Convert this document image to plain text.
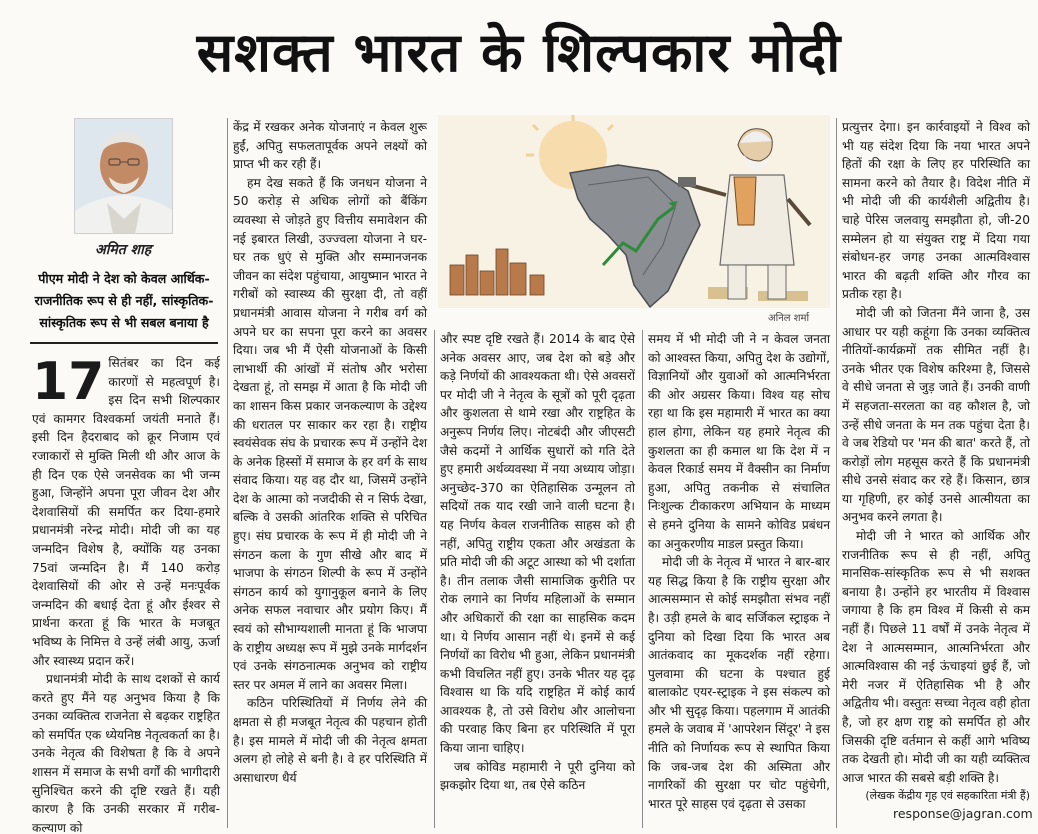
सशक्त भारत के शिल्पकार मोदी
अमित शाह
पीएम मोदी ने देश को केवल आर्थिक-राजनीतिक रूप से ही नहीं, सांस्कृतिक-सांस्कृतिक रूप से भी सबल बनाया है

17 सितंबर का दिन कई कारणों से महत्वपूर्ण है। इस दिन सभी शिल्पकार एवं कामगर विश्वकर्मा जयंती मनाते हैं। इसी दिन हैदराबाद को क्रूर निजाम एवं रजाकारों से मुक्ति मिली थी और आज के ही दिन एक ऐसे जनसेवक का भी जन्म हुआ, जिन्होंने अपना पूरा जीवन देश और देशवासियों की समर्पित कर दिया-हमारे प्रधानमंत्री नरेन्द्र मोदी। मोदी जी का यह जन्मदिन विशेष है, क्योंकि यह उनका 75वां जन्मदिन है। मैं 140 करोड़ देशवासियों की ओर से उन्हें मनःपूर्वक जन्मदिन की बधाई देता हूं और ईश्वर से प्रार्थना करता हूं कि भारत के मजबूत भविष्य के निमित्त वे उन्हें लंबी आयु, ऊर्जा और स्वास्थ्य प्रदान करें।

प्रधानमंत्री मोदी के साथ दशकों से कार्य करते हुए मैंने यह अनुभव किया है कि उनका व्यक्तित्व राजनेता से बढ़कर राष्ट्रहित को समर्पित एक ध्येयनिष्ठ नेतृत्वकर्ता का है। उनके नेतृत्व की विशेषता है कि वे अपने शासन में समाज के सभी वर्गों की भागीदारी सुनिश्चित करने की दृष्टि रखते हैं। यही कारण है कि उनकी सरकार में गरीब-कल्याण को

केंद्र में रखकर अनेक योजनाएं न केवल शुरू हुईं, अपितु सफलतापूर्वक अपने लक्ष्यों को प्राप्त भी कर रही हैं।

हम देख सकते हैं कि जनधन योजना ने 50 करोड़ से अधिक लोगों को बैंकिंग व्यवस्था से जोड़ते हुए वित्तीय समावेशन की नई इबारत लिखी, उज्ज्वला योजना ने घर-घर तक धुएं से मुक्ति और सम्मानजनक जीवन का संदेश पहुंचाया, आयुष्मान भारत ने गरीबों को स्वास्थ्य की सुरक्षा दी, तो वहीं प्रधानमंत्री आवास योजना ने गरीब वर्ग को अपने घर का सपना पूरा करने का अवसर दिया। जब भी मैं ऐसी योजनाओं के किसी लाभार्थी की आंखों में संतोष और भरोसा देखता हूं, तो समझ में आता है कि मोदी जी का शासन किस प्रकार जनकल्याण के उद्देश्य की धरातल पर साकार कर रहा है। राष्ट्रीय स्वयंसेवक संघ के प्रचारक रूप में उन्होंने देश के अनेक हिस्सों में समाज के हर वर्ग के साथ संवाद किया। यह वह दौर था, जिसमें उन्होंने देश के आत्मा को नजदीकी से न सिर्फ देखा, बल्कि वे उसकी आंतरिक शक्ति से परिचित हुए। संघ प्रचारक के रूप में ही मोदी जी ने संगठन कला के गुण सीखे और बाद में भाजपा के संगठन शिल्पी के रूप में उन्होंने संगठन कार्य को युगानुकूल बनाने के लिए अनेक सफल नवाचार और प्रयोग किए। मैं स्वयं को सौभाग्यशाली मानता हूं कि भाजपा के राष्ट्रीय अध्यक्ष रूप में मुझे उनके मार्गदर्शन एवं उनके संगठनात्मक अनुभव को राष्ट्रीय स्तर पर अमल में लाने का अवसर मिला।

कठिन परिस्थितियों में निर्णय लेने की क्षमता से ही मजबूत नेतृत्व की पहचान होती है। इस मामले में मोदी जी की नेतृत्व क्षमता अलग हो लोहे से बनी है। वे हर परिस्थिति में असाधारण धैर्य

अनिल शर्मा

और स्पष्ट दृष्टि रखते हैं। 2014 के बाद ऐसे अनेक अवसर आए, जब देश को बड़े और कड़े निर्णयों की आवश्यकता थी। ऐसे अवसरों पर मोदी जी ने नेतृत्व के सूत्रों को पूरी दृढ़ता और कुशलता से थामे रखा और राष्ट्रहित के अनुरूप निर्णय लिए। नोटबंदी और जीएसटी जैसे कदमों ने आर्थिक सुधारों को गति देते हुए हमारी अर्थव्यवस्था में नया अध्याय जोड़ा। अनुच्छेद-370 का ऐतिहासिक उन्मूलन तो सदियों तक याद रखी जाने वाली घटना है। यह निर्णय केवल राजनीतिक साहस को ही नहीं, अपितु राष्ट्रीय एकता और अखंडता के प्रति मोदी जी की अटूट आस्था को भी दर्शाता है। तीन तलाक जैसी सामाजिक कुरीति पर रोक लगाने का निर्णय महिलाओं के सम्मान और अधिकारों की रक्षा का साहसिक कदम था। ये निर्णय आसान नहीं थे। इनमें से कई निर्णयों का विरोध भी हुआ, लेकिन प्रधानमंत्री कभी विचलित नहीं हुए। उनके भीतर यह दृढ़ विश्वास था कि यदि राष्ट्रहित में कोई कार्य आवश्यक है, तो उसे विरोध और आलोचना की परवाह किए बिना हर परिस्थिति में पूरा किया जाना चाहिए।

जब कोविड महामारी ने पूरी दुनिया को झकझोर दिया था, तब ऐसे कठिन

समय में भी मोदी जी ने न केवल जनता को आश्वस्त किया, अपितु देश के उद्योगों, विज्ञानियों और युवाओं को आत्मनिर्भरता की ओर अग्रसर किया। विश्व यह सोच रहा था कि इस महामारी में भारत का क्या हाल होगा, लेकिन यह हमारे नेतृत्व की कुशलता का ही कमाल था कि देश में न केवल रिकार्ड समय में वैक्सीन का निर्माण हुआ, अपितु तकनीक से संचालित निःशुल्क टीकाकरण अभियान के माध्यम से हमने दुनिया के सामने कोविड प्रबंधन का अनुकरणीय माडल प्रस्तुत किया।

मोदी जी के नेतृत्व में भारत ने बार-बार यह सिद्ध किया है कि राष्ट्रीय सुरक्षा और आत्मसम्मान से कोई समझौता संभव नहीं है। उड़ी हमले के बाद सर्जिकल स्ट्राइक ने दुनिया को दिखा दिया कि भारत अब आतंकवाद का मूकदर्शक नहीं रहेगा। पुलवामा की घटना के पश्चात हुई बालाकोट एयर-स्ट्राइक ने इस संकल्प को और भी सुदृढ़ किया। पहलगाम में आतंकी हमले के जवाब में 'आपरेशन सिंदूर' ने इस नीति को निर्णायक रूप से स्थापित किया कि जब-जब देश की अस्मिता और नागरिकों की सुरक्षा पर चोट पहुंचेगी, भारत पूरे साहस एवं दृढ़ता से उसका

प्रत्युत्तर देगा। इन कार्रवाइयों ने विश्व को भी यह संदेश दिया कि नया भारत अपने हितों की रक्षा के लिए हर परिस्थिति का सामना करने को तैयार है। विदेश नीति में भी मोदी जी की कार्यशैली अद्वितीय है। चाहे पेरिस जलवायु समझौता हो, जी-20 सम्मेलन हो या संयुक्त राष्ट्र में दिया गया संबोधन-हर जगह उनका आत्मविश्वास भारत की बढ़ती शक्ति और गौरव का प्रतीक रहा है।

मोदी जी को जितना मैंने जाना है, उस आधार पर यही कहूंगा कि उनका व्यक्तित्व नीतियों-कार्यक्रमों तक सीमित नहीं है। उनके भीतर एक विशेष करिश्मा है, जिससे वे सीधे जनता से जुड़ जाते हैं। उनकी वाणी में सहजता-सरलता का वह कौशल है, जो उन्हें सीधे जनता के मन तक पहुंचा देता है। वे जब रेडियो पर 'मन की बात' करते हैं, तो करोड़ों लोग महसूस करते हैं कि प्रधानमंत्री सीधे उनसे संवाद कर रहे हैं। किसान, छात्र या गृहिणी, हर कोई उनसे आत्मीयता का अनुभव करने लगता है।

मोदी जी ने भारत को आर्थिक और राजनीतिक रूप से ही नहीं, अपितु मानसिक-सांस्कृतिक रूप से भी सशक्त बनाया है। उन्होंने हर भारतीय में विश्वास जगाया है कि हम विश्व में किसी से कम नहीं हैं। पिछले 11 वर्षों में उनके नेतृत्व में देश ने आत्मसम्मान, आत्मनिर्भरता और आत्मविश्वास की नई ऊंचाइयां छुई हैं, जो मेरी नजर में ऐतिहासिक भी है और अद्वितीय भी। वस्तुतः सच्चा नेतृत्व वही होता है, जो हर क्षण राष्ट्र को समर्पित हो और जिसकी दृष्टि वर्तमान से कहीं आगे भविष्य तक देखती हो। मोदी जी का यही व्यक्तित्व आज भारत की सबसे बड़ी शक्ति है।

(लेखक केंद्रीय गृह एवं सहकारिता मंत्री हैं)

response@jagran.com
